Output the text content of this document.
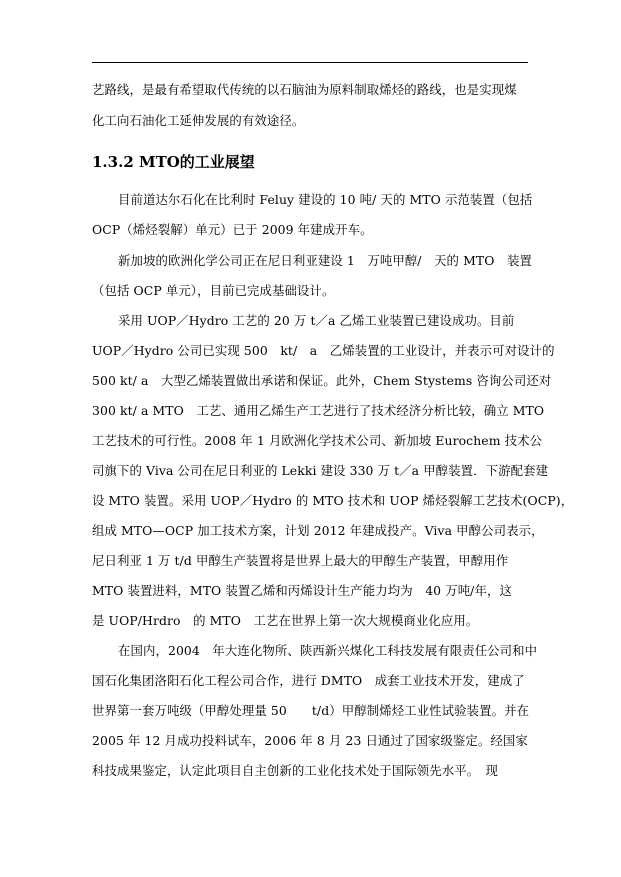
艺路线，是最有希望取代传统的以石脑油为原料制取烯烃的路线，也是实现煤
化工向石油化工延伸发展的有效途径。
1.3.2 MTO的工业展望
目前道达尔石化在比利时 Feluy 建设的 10 吨/ 天的 MTO 示范装置（包括
OCP（烯烃裂解）单元）已于 2009 年建成开车。
新加坡的欧洲化学公司正在尼日利亚建设 1　万吨甲醇/　天的 MTO　装置
（包括 OCP 单元），目前已完成基础设计。
采用 UOP／Hydro 工艺的 20 万 t／a 乙烯工业装置已建设成功。目前
UOP／Hydro 公司已实现 500　kt/　a　乙烯装置的工业设计，并表示可对设计的
500 kt/ a　大型乙烯装置做出承诺和保证。此外，Chem Stystems 咨询公司还对
300 kt/ a MTO　工艺、通用乙烯生产工艺进行了技术经济分析比较，确立 MTO
工艺技术的可行性。2008 年 1 月欧洲化学技术公司、新加坡 Eurochem 技术公
司旗下的 Viva 公司在尼日利亚的 Lekki 建设 330 万 t／a 甲醇装置．下游配套建
设 MTO 装置。采用 UOP／Hydro 的 MTO 技术和 UOP 烯烃裂解工艺技术(OCP)，
组成 MTO—OCP 加工技术方案，计划 2012 年建成投产。Viva 甲醇公司表示，
尼日利亚 1 万 t/d 甲醇生产装置将是世界上最大的甲醇生产装置，甲醇用作
MTO 装置进料，MTO 装置乙烯和丙烯设计生产能力均为　40 万吨/年，这
是 UOP/Hrdro　的 MTO　工艺在世界上第一次大规模商业化应用。
在国内，2004　年大连化物所、陕西新兴煤化工科技发展有限责任公司和中
国石化集团洛阳石化工程公司合作，进行 DMTO　成套工业技术开发，建成了
世界第一套万吨级（甲醇处理量 50　　t/d）甲醇制烯烃工业性试验装置。并在
2005 年 12 月成功投料试车，2006 年 8 月 23 日通过了国家级鉴定。经国家
科技成果鉴定，认定此项目自主创新的工业化技术处于国际领先水平。　现
